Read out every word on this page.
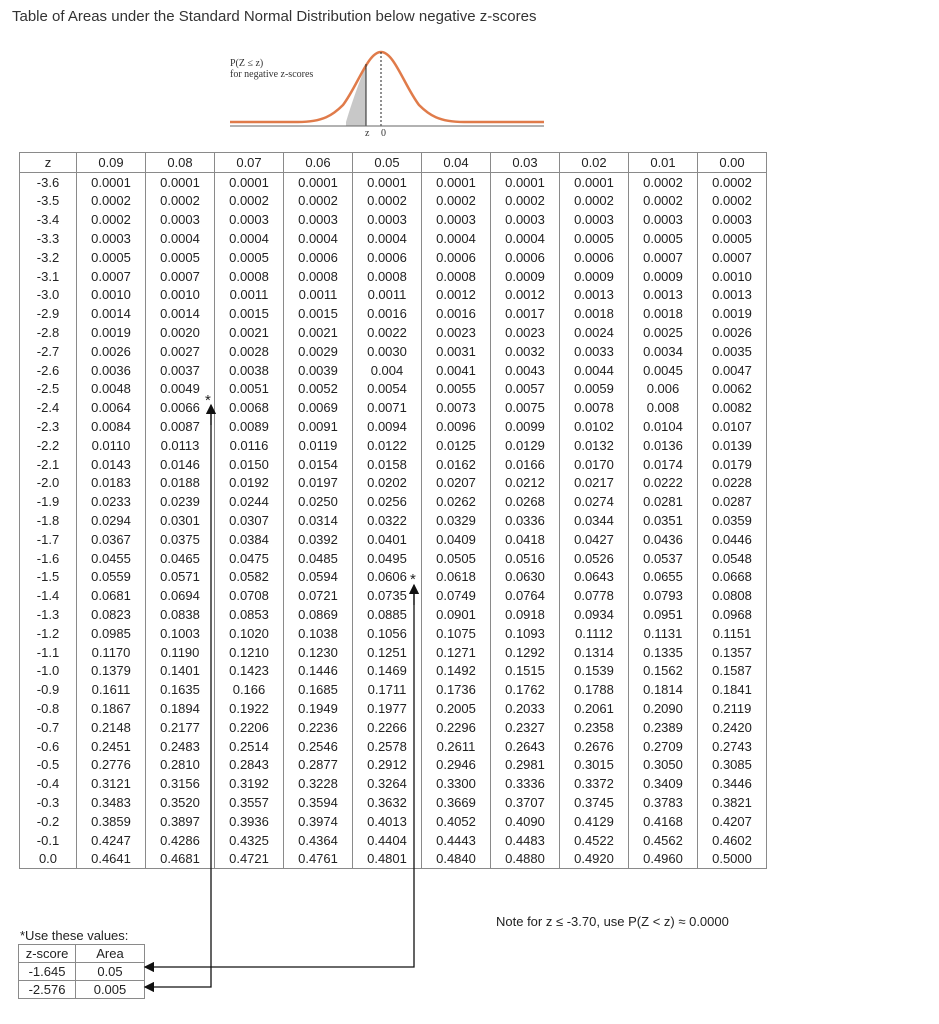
Table of Areas under the Standard Normal Distribution below negative z-scores
P(Z ≤ z)
for negative z-scores
z 0
z	0.09	0.08	0.07	0.06	0.05	0.04	0.03	0.02	0.01	0.00
-3.6	0.0001	0.0001	0.0001	0.0001	0.0001	0.0001	0.0001	0.0001	0.0002	0.0002
-3.5	0.0002	0.0002	0.0002	0.0002	0.0002	0.0002	0.0002	0.0002	0.0002	0.0002
-3.4	0.0002	0.0003	0.0003	0.0003	0.0003	0.0003	0.0003	0.0003	0.0003	0.0003
-3.3	0.0003	0.0004	0.0004	0.0004	0.0004	0.0004	0.0004	0.0005	0.0005	0.0005
-3.2	0.0005	0.0005	0.0005	0.0006	0.0006	0.0006	0.0006	0.0006	0.0007	0.0007
-3.1	0.0007	0.0007	0.0008	0.0008	0.0008	0.0008	0.0009	0.0009	0.0009	0.0010
-3.0	0.0010	0.0010	0.0011	0.0011	0.0011	0.0012	0.0012	0.0013	0.0013	0.0013
-2.9	0.0014	0.0014	0.0015	0.0015	0.0016	0.0016	0.0017	0.0018	0.0018	0.0019
-2.8	0.0019	0.0020	0.0021	0.0021	0.0022	0.0023	0.0023	0.0024	0.0025	0.0026
-2.7	0.0026	0.0027	0.0028	0.0029	0.0030	0.0031	0.0032	0.0033	0.0034	0.0035
-2.6	0.0036	0.0037	0.0038	0.0039	0.004	0.0041	0.0043	0.0044	0.0045	0.0047
-2.5	0.0048	0.0049	0.0051	0.0052	0.0054	0.0055	0.0057	0.0059	0.006	0.0062
-2.4	0.0064	0.0066	0.0068	0.0069	0.0071	0.0073	0.0075	0.0078	0.008	0.0082
-2.3	0.0084	0.0087	0.0089	0.0091	0.0094	0.0096	0.0099	0.0102	0.0104	0.0107
-2.2	0.0110	0.0113	0.0116	0.0119	0.0122	0.0125	0.0129	0.0132	0.0136	0.0139
-2.1	0.0143	0.0146	0.0150	0.0154	0.0158	0.0162	0.0166	0.0170	0.0174	0.0179
-2.0	0.0183	0.0188	0.0192	0.0197	0.0202	0.0207	0.0212	0.0217	0.0222	0.0228
-1.9	0.0233	0.0239	0.0244	0.0250	0.0256	0.0262	0.0268	0.0274	0.0281	0.0287
-1.8	0.0294	0.0301	0.0307	0.0314	0.0322	0.0329	0.0336	0.0344	0.0351	0.0359
-1.7	0.0367	0.0375	0.0384	0.0392	0.0401	0.0409	0.0418	0.0427	0.0436	0.0446
-1.6	0.0455	0.0465	0.0475	0.0485	0.0495	0.0505	0.0516	0.0526	0.0537	0.0548
-1.5	0.0559	0.0571	0.0582	0.0594	0.0606	0.0618	0.0630	0.0643	0.0655	0.0668
-1.4	0.0681	0.0694	0.0708	0.0721	0.0735	0.0749	0.0764	0.0778	0.0793	0.0808
-1.3	0.0823	0.0838	0.0853	0.0869	0.0885	0.0901	0.0918	0.0934	0.0951	0.0968
-1.2	0.0985	0.1003	0.1020	0.1038	0.1056	0.1075	0.1093	0.1112	0.1131	0.1151
-1.1	0.1170	0.1190	0.1210	0.1230	0.1251	0.1271	0.1292	0.1314	0.1335	0.1357
-1.0	0.1379	0.1401	0.1423	0.1446	0.1469	0.1492	0.1515	0.1539	0.1562	0.1587
-0.9	0.1611	0.1635	0.166	0.1685	0.1711	0.1736	0.1762	0.1788	0.1814	0.1841
-0.8	0.1867	0.1894	0.1922	0.1949	0.1977	0.2005	0.2033	0.2061	0.2090	0.2119
-0.7	0.2148	0.2177	0.2206	0.2236	0.2266	0.2296	0.2327	0.2358	0.2389	0.2420
-0.6	0.2451	0.2483	0.2514	0.2546	0.2578	0.2611	0.2643	0.2676	0.2709	0.2743
-0.5	0.2776	0.2810	0.2843	0.2877	0.2912	0.2946	0.2981	0.3015	0.3050	0.3085
-0.4	0.3121	0.3156	0.3192	0.3228	0.3264	0.3300	0.3336	0.3372	0.3409	0.3446
-0.3	0.3483	0.3520	0.3557	0.3594	0.3632	0.3669	0.3707	0.3745	0.3783	0.3821
-0.2	0.3859	0.3897	0.3936	0.3974	0.4013	0.4052	0.4090	0.4129	0.4168	0.4207
-0.1	0.4247	0.4286	0.4325	0.4364	0.4404	0.4443	0.4483	0.4522	0.4562	0.4602
0.0	0.4641	0.4681	0.4721	0.4761	0.4801	0.4840	0.4880	0.4920	0.4960	0.5000
*
*
Note for z ≤ -3.70, use P(Z < z) ≈ 0.0000
*Use these values:
z-score	Area
-1.645	0.05
-2.576	0.005
